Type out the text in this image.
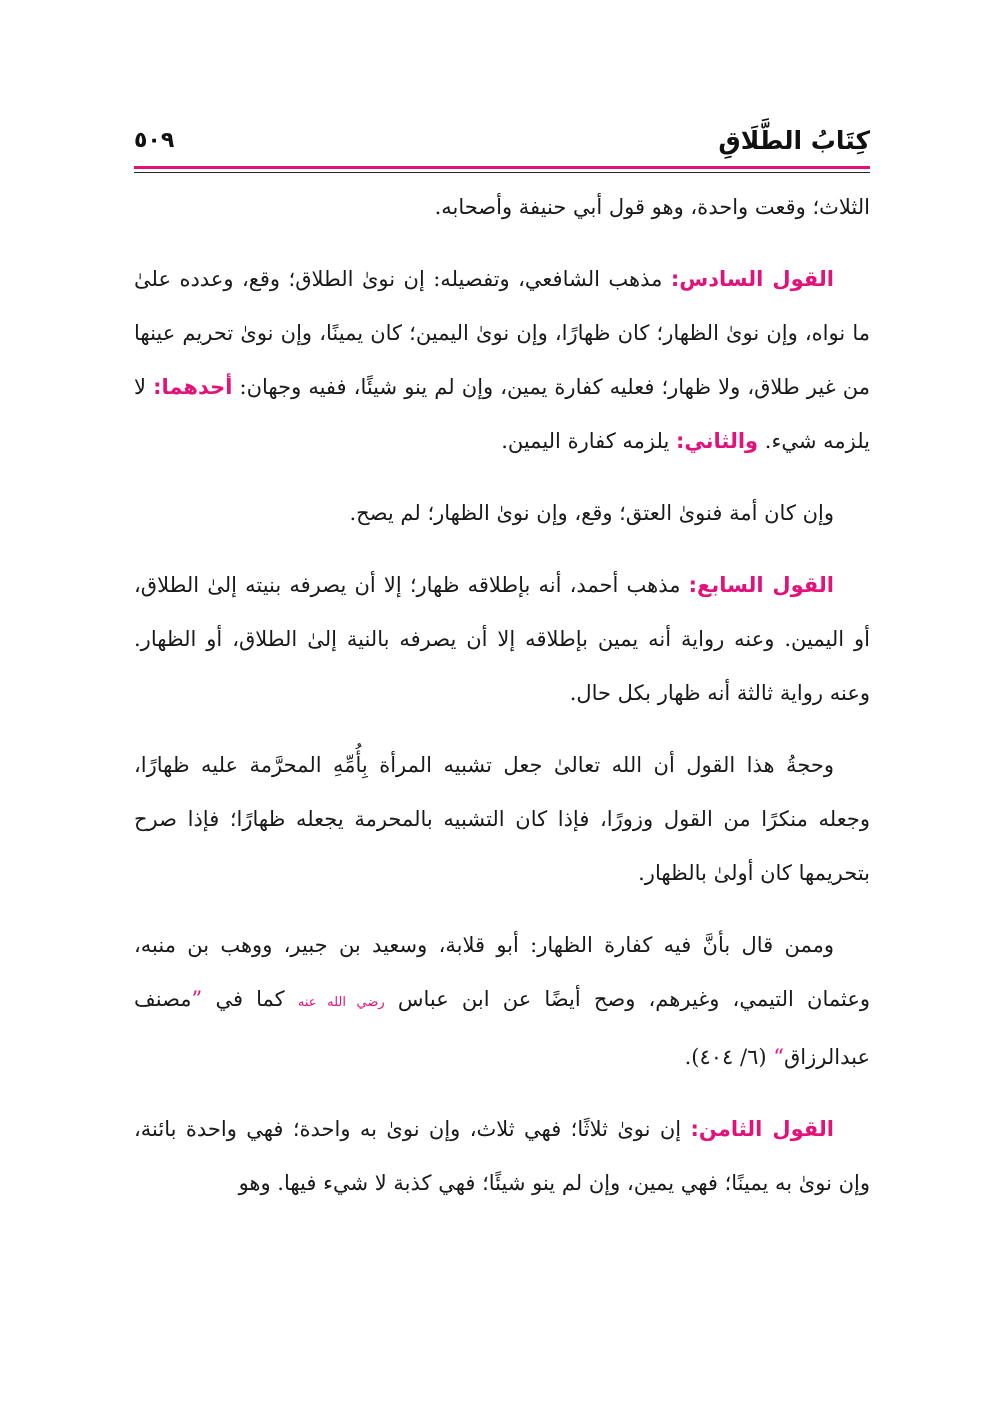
كِتَابُ الطَّلَاقِ
٥٠٩

الثلاث؛ وقعت واحدة، وهو قول أبي حنيفة وأصحابه.

القول السادس: مذهب الشافعي، وتفصيله: إن نوىٰ الطلاق؛ وقع، وعدده علىٰ ما نواه، وإن نوىٰ الظهار؛ كان ظهارًا، وإن نوىٰ اليمين؛ كان يمينًا، وإن نوىٰ تحريم عينها من غير طلاق، ولا ظهار؛ فعليه كفارة يمين، وإن لم ينو شيئًا، ففيه وجهان: أحدهما: لا يلزمه شيء. والثاني: يلزمه كفارة اليمين.

وإن كان أمة فنوىٰ العتق؛ وقع، وإن نوىٰ الظهار؛ لم يصح.

القول السابع: مذهب أحمد، أنه بإطلاقه ظهار؛ إلا أن يصرفه بنيته إلىٰ الطلاق، أو اليمين. وعنه رواية أنه يمين بإطلاقه إلا أن يصرفه بالنية إلىٰ الطلاق، أو الظهار. وعنه رواية ثالثة أنه ظهار بكل حال.

وحجةُ هذا القول أن الله تعالىٰ جعل تشبيه المرأة بِأُمِّهِ المحرَّمة عليه ظهارًا، وجعله منكرًا من القول وزورًا، فإذا كان التشبيه بالمحرمة يجعله ظهارًا؛ فإذا صرح بتحريمها كان أولىٰ بالظهار.

وممن قال بأنَّ فيه كفارة الظهار: أبو قلابة، وسعيد بن جبير، ووهب بن منبه، وعثمان التيمي، وغيرهم، وصح أيضًا عن ابن عباس رضي الله عنه كما في ”مصنف عبدالرزاق“ (٦/ ٤٠٤).

القول الثامن: إن نوىٰ ثلاثًا؛ فهي ثلاث، وإن نوىٰ به واحدة؛ فهي واحدة بائنة، وإن نوىٰ به يمينًا؛ فهي يمين، وإن لم ينو شيئًا؛ فهي كذبة لا شيء فيها. وهو
